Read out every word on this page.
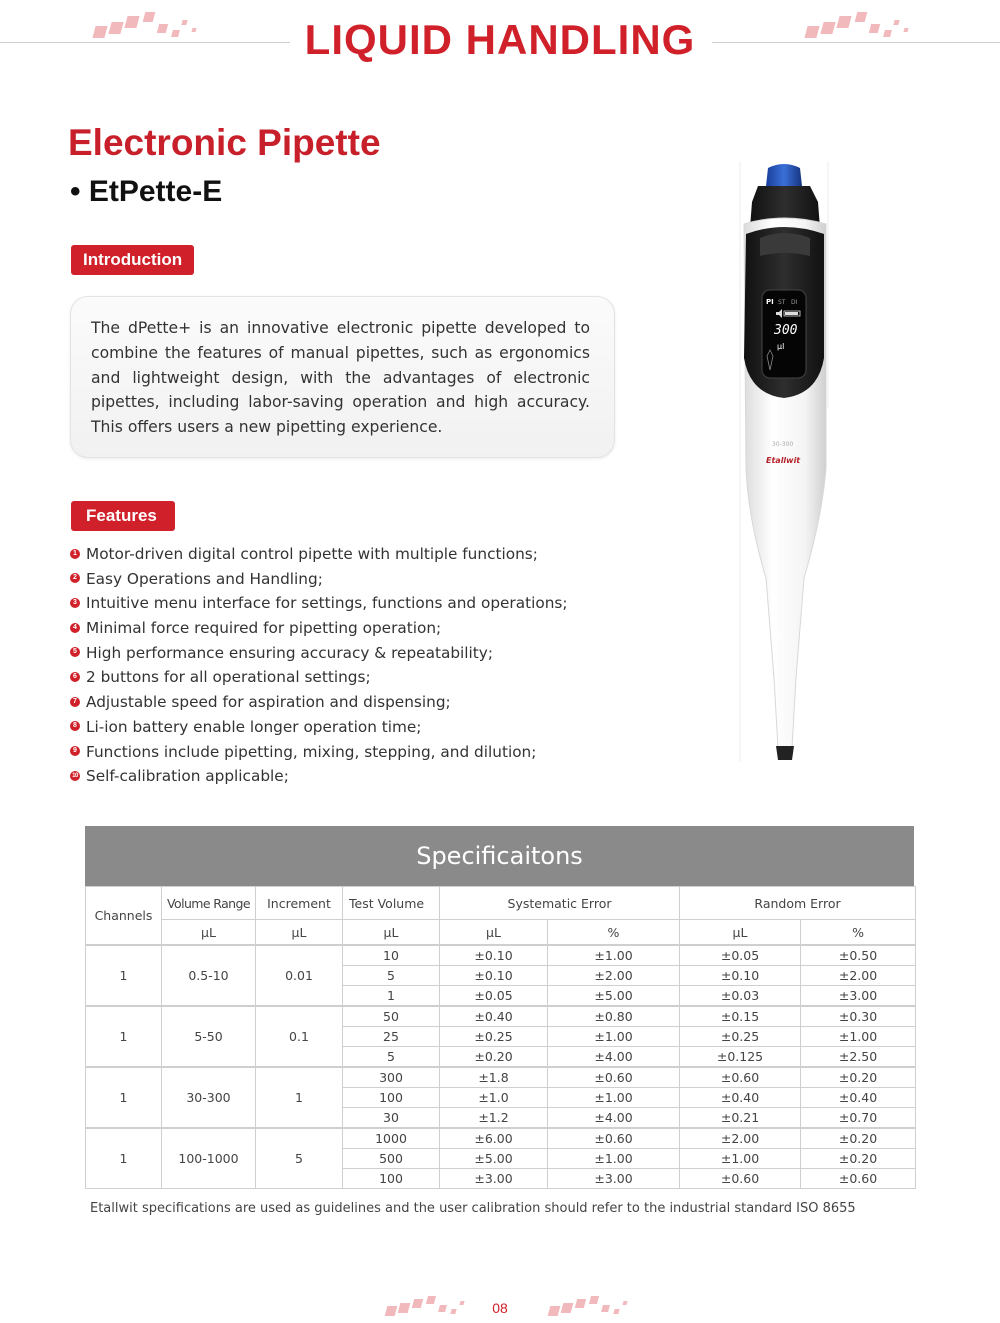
LIQUID HANDLING
Electronic Pipette
• EtPette-E
Introduction
The dPette+ is an innovative electronic pipette developed to combine the features of manual pipettes, such as ergonomics and lightweight design, with the advantages of electronic pipettes, including labor-saving operation and high accuracy. This offers users a new pipetting experience.
Features
1 Motor-driven digital control pipette with multiple functions;
2 Easy Operations and Handling;
3 Intuitive menu interface for settings, functions and operations;
4 Minimal force required for pipetting operation;
5 High performance ensuring accuracy & repeatability;
6 2 buttons for all operational settings;
7 Adjustable speed for aspiration and dispensing;
8 Li-ion battery enable longer operation time;
9 Functions include pipetting, mixing, stepping, and dilution;
10 Self-calibration applicable;
PI ST DI
300
μl
30-300
Etallwit
Specificaitons
Channels	Volume Range	Increment	Test Volume	Systematic Error		Random Error	
	μL	μL	μL	μL	%	μL	%
1	0.5-10	0.01	10	±0.10	±1.00	±0.05	±0.50
			5	±0.10	±2.00	±0.10	±2.00
			1	±0.05	±5.00	±0.03	±3.00
1	5-50	0.1	50	±0.40	±0.80	±0.15	±0.30
			25	±0.25	±1.00	±0.25	±1.00
			5	±0.20	±4.00	±0.125	±2.50
1	30-300	1	300	±1.8	±0.60	±0.60	±0.20
			100	±1.0	±1.00	±0.40	±0.40
			30	±1.2	±4.00	±0.21	±0.70
1	100-1000	5	1000	±6.00	±0.60	±2.00	±0.20
			500	±5.00	±1.00	±1.00	±0.20
			100	±3.00	±3.00	±0.60	±0.60
Etallwit specifications are used as guidelines and the user calibration should refer to the industrial standard ISO 8655
08
